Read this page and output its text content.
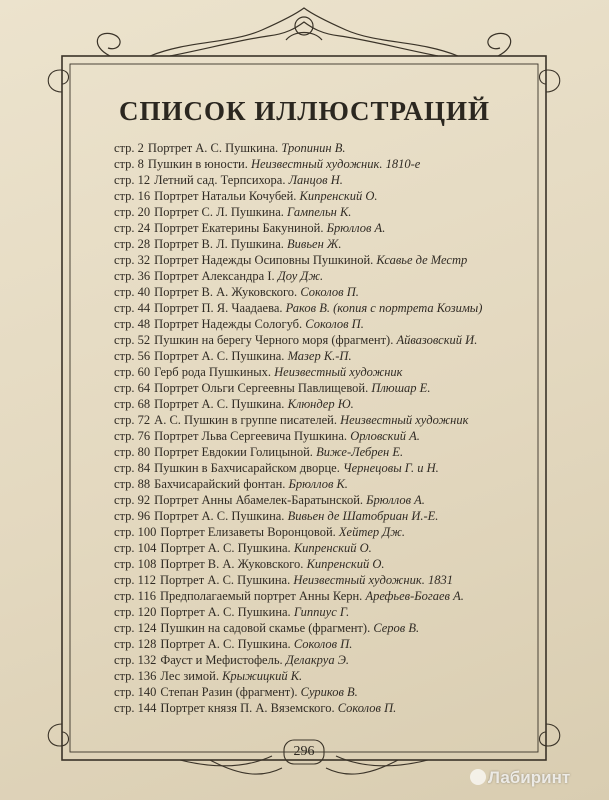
СПИСОК ИЛЛЮСТРАЦИЙ
стр. 2 Портрет А. С. Пушкина. Тропинин В.
стр. 8 Пушкин в юности. Неизвестный художник. 1810-е
стр. 12 Летний сад. Терпсихора. Ланцов Н.
стр. 16 Портрет Натальи Кочубей. Кипренский О.
стр. 20 Портрет С. Л. Пушкина. Гампельн К.
стр. 24 Портрет Екатерины Бакуниной. Брюллов А.
стр. 28 Портрет В. Л. Пушкина. Вивьен Ж.
стр. 32 Портрет Надежды Осиповны Пушкиной. Ксавье де Местр
стр. 36 Портрет Александра I. Доу Дж.
стр. 40 Портрет В. А. Жуковского. Соколов П.
стр. 44 Портрет П. Я. Чаадаева. Раков В. (копия с портрета Козимы)
стр. 48 Портрет Надежды Сологуб. Соколов П.
стр. 52 Пушкин на берегу Черного моря (фрагмент). Айвазовский И.
стр. 56 Портрет А. С. Пушкина. Мазер К.-П.
стр. 60 Герб рода Пушкиных. Неизвестный художник
стр. 64 Портрет Ольги Сергеевны Павлищевой. Плюшар Е.
стр. 68 Портрет А. С. Пушкина. Клюндер Ю.
стр. 72 А. С. Пушкин в группе писателей. Неизвестный художник
стр. 76 Портрет Льва Сергеевича Пушкина. Орловский А.
стр. 80 Портрет Евдокии Голицыной. Виже-Лебрен Е.
стр. 84 Пушкин в Бахчисарайском дворце. Чернецовы Г. и Н.
стр. 88 Бахчисарайский фонтан. Брюллов К.
стр. 92 Портрет Анны Абамелек-Баратынской. Брюллов А.
стр. 96 Портрет А. С. Пушкина. Вивьен де Шатобриан И.-Е.
стр. 100 Портрет Елизаветы Воронцовой. Хейтер Дж.
стр. 104 Портрет А. С. Пушкина. Кипренский О.
стр. 108 Портрет В. А. Жуковского. Кипренский О.
стр. 112 Портрет А. С. Пушкина. Неизвестный художник. 1831
стр. 116 Предполагаемый портрет Анны Керн. Арефьев-Богаев А.
стр. 120 Портрет А. С. Пушкина. Гиппиус Г.
стр. 124 Пушкин на садовой скамье (фрагмент). Серов В.
стр. 128 Портрет А. С. Пушкина. Соколов П.
стр. 132 Фауст и Мефистофель. Делакруа Э.
стр. 136 Лес зимой. Крыжицкий К.
стр. 140 Степан Разин (фрагмент). Суриков В.
стр. 144 Портрет князя П. А. Вяземского. Соколов П.
296
Лабиринт
